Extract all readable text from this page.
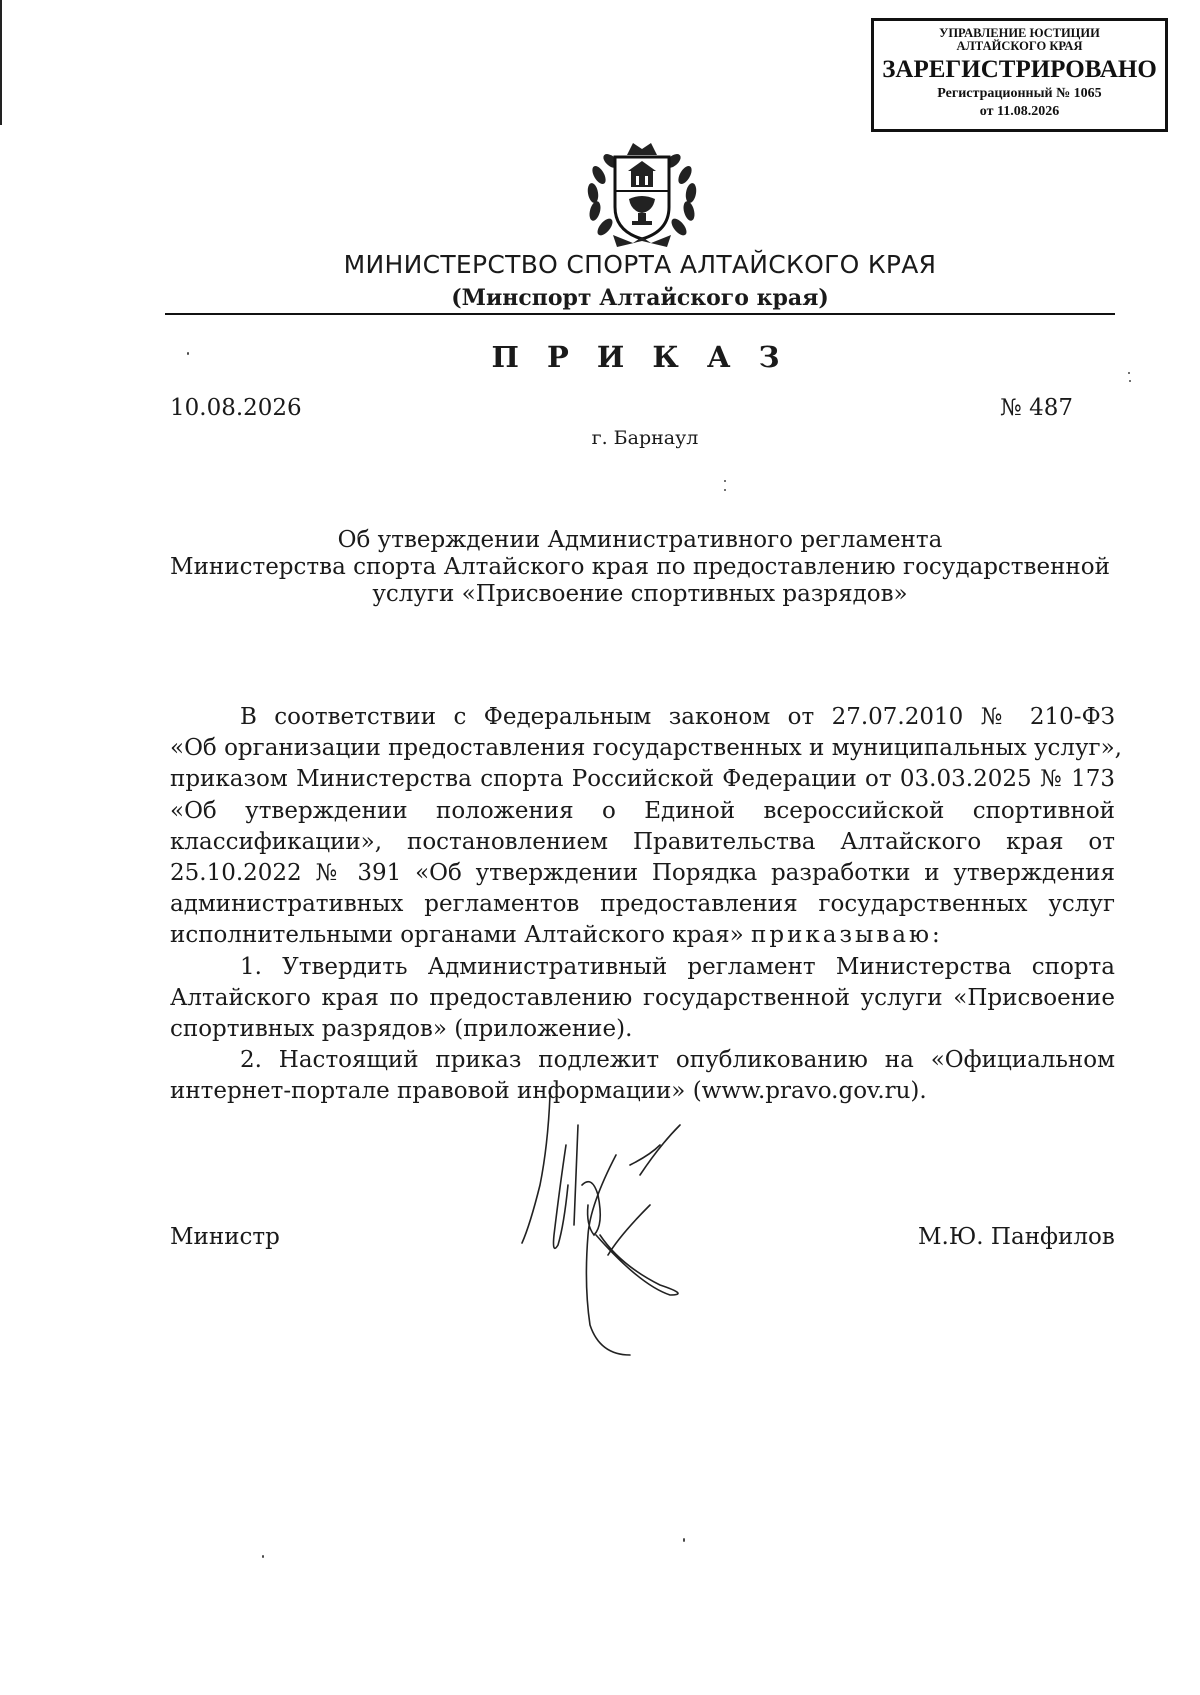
УПРАВЛЕНИЕ ЮСТИЦИИ
АЛТАЙСКОГО КРАЯ
ЗАРЕГИСТРИРОВАНО
Регистрационный № 1065
от 11.08.2026
МИНИСТЕРСТВО СПОРТА АЛТАЙСКОГО КРАЯ
(Минспорт Алтайского края)
П Р И К А З
10.08.2026	№ 487
г. Барнаул
Об утверждении Административного регламента
Министерства спорта Алтайского края по предоставлению государственной
услуги «Присвоение спортивных разрядов»
В соответствии с Федеральным законом от 27.07.2010 № 210-ФЗ
«Об организации предоставления государственных и муниципальных услуг»,
приказом Министерства спорта Российской Федерации от 03.03.2025 № 173
«Об утверждении положения о Единой всероссийской спортивной
классификации», постановлением Правительства Алтайского края от
25.10.2022 № 391 «Об утверждении Порядка разработки и утверждения
административных регламентов предоставления государственных услуг
исполнительными органами Алтайского края» приказываю:
1. Утвердить Административный регламент Министерства спорта
Алтайского края по предоставлению государственной услуги «Присвоение
спортивных разрядов» (приложение).
2. Настоящий приказ подлежит опубликованию на «Официальном
интернет-портале правовой информации» (www.pravo.gov.ru).
Министр	М.Ю. Панфилов
